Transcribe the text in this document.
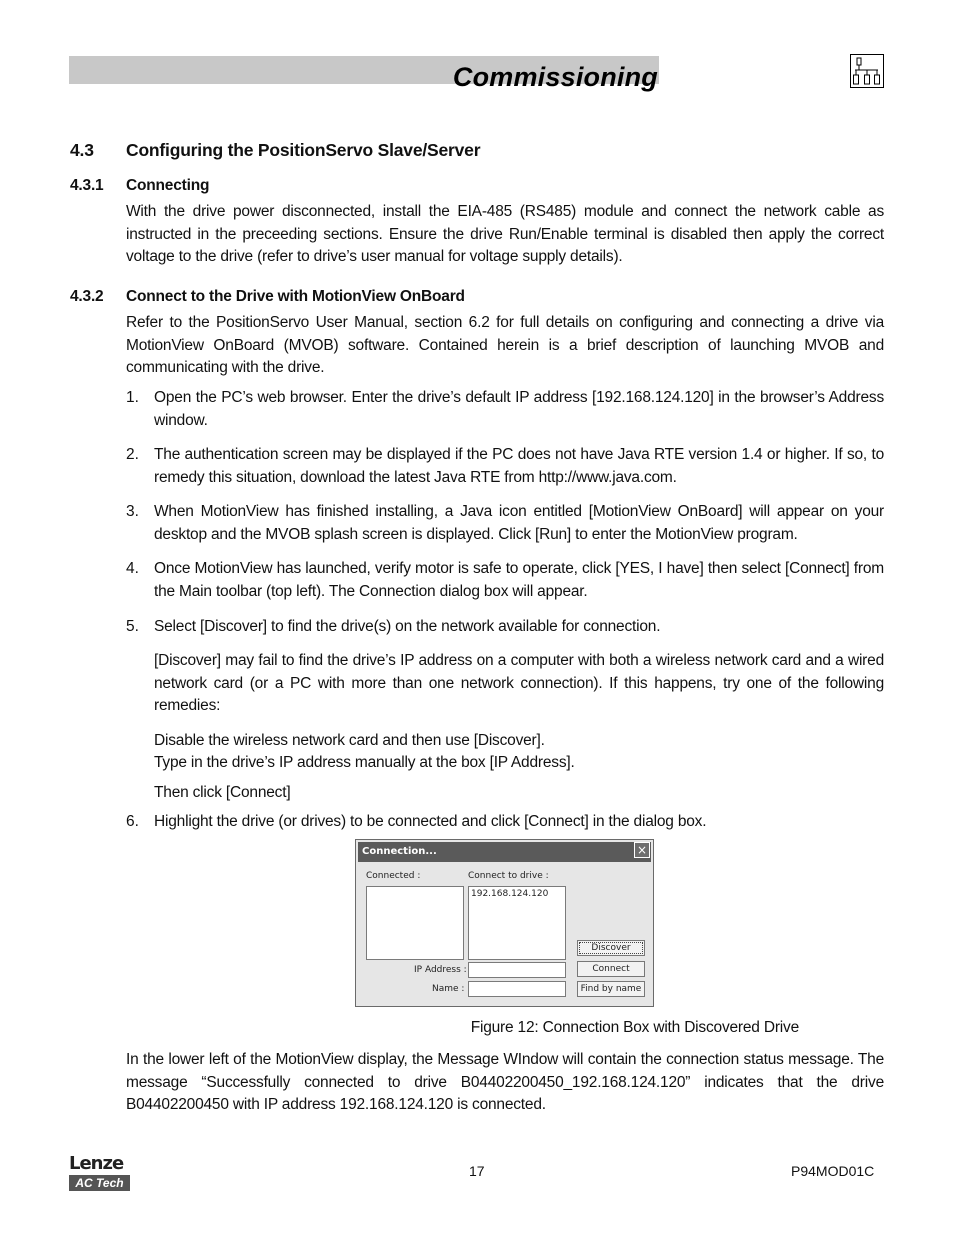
Commissioning
4.3 Configuring the PositionServo Slave/Server
4.3.1 Connecting
With the drive power disconnected, install the EIA-485 (RS485) module and connect the network cable as instructed in the preceeding sections. Ensure the drive Run/Enable terminal is disabled then apply the correct voltage to the drive (refer to drive’s user manual for voltage supply details).
4.3.2 Connect to the Drive with MotionView OnBoard
Refer to the PositionServo User Manual, section 6.2 for full details on configuring and connecting a drive via MotionView OnBoard (MVOB) software. Contained herein is a brief description of launching MVOB and communicating with the drive.
1. Open the PC’s web browser. Enter the drive’s default IP address [192.168.124.120] in the browser’s Address window.
2. The authentication screen may be displayed if the PC does not have Java RTE version 1.4 or higher. If so, to remedy this situation, download the latest Java RTE from http://www.java.com.
3. When MotionView has finished installing, a Java icon entitled [MotionView OnBoard] will appear on your desktop and the MVOB splash screen is displayed. Click [Run] to enter the MotionView program.
4. Once MotionView has launched, verify motor is safe to operate, click [YES, I have] then select [Connect] from the Main toolbar (top left). The Connection dialog box will appear.
5. Select [Discover] to find the drive(s) on the network available for connection.
[Discover] may fail to find the drive’s IP address on a computer with both a wireless network card and a wired network card (or a PC with more than one network connection). If this happens, try one of the following remedies:
Disable the wireless network card and then use [Discover].
Type in the drive’s IP address manually at the box [IP Address].
Then click [Connect]
6. Highlight the drive (or drives) to be connected and click [Connect] in the dialog box.
Connection...	×
Connected :	Connect to drive :
192.168.124.120
Discover
Connect
Find by name
IP Address :
Name :
Figure 12: Connection Box with Discovered Drive
In the lower left of the MotionView display, the Message WIndow will contain the connection status message. The message “Successfully connected to drive B04402200450_192.168.124.120” indicates that the drive B04402200450 with IP address 192.168.124.120 is connected.
Lenze
AC Tech
17	P94MOD01C
